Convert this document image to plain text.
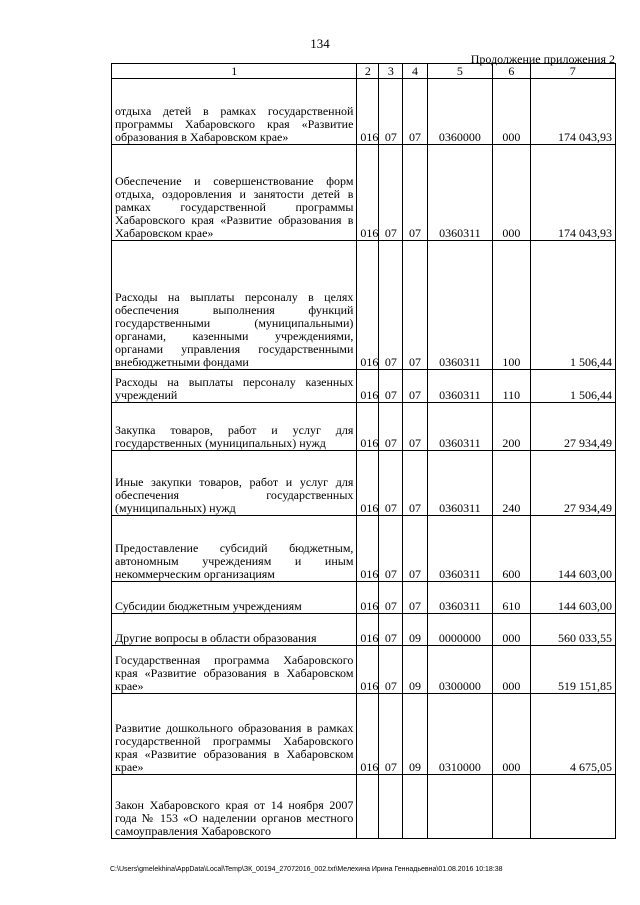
134
Продолжение приложения 2
1	2	3	4	5	6	7
отдыха детей в рамках государственной программы Хабаровского края «Развитие образования в Хабаровском крае»	016	07	07	0360000	000	174 043,93
Обеспечение и совершенствование форм отдыха, оздоровления и занятости детей в рамках государственной программы Хабаровского края «Развитие образования в Хабаровском крае»	016	07	07	0360311	000	174 043,93
Расходы на выплаты персоналу в целях обеспечения выполнения функций государственными (муниципальными) органами, казенными учреждениями, органами управления государственными внебюджетными фондами	016	07	07	0360311	100	1 506,44
Расходы на выплаты персоналу казенных учреждений	016	07	07	0360311	110	1 506,44
Закупка товаров, работ и услуг для государственных (муниципальных) нужд	016	07	07	0360311	200	27 934,49
Иные закупки товаров, работ и услуг для обеспечения государственных (муниципальных) нужд	016	07	07	0360311	240	27 934,49
Предоставление субсидий бюджетным, автономным учреждениям и иным некоммерческим организациям	016	07	07	0360311	600	144 603,00
Субсидии бюджетным учреждениям	016	07	07	0360311	610	144 603,00
Другие вопросы в области образования	016	07	09	0000000	000	560 033,55
Государственная программа Хабаровского края «Развитие образования в Хабаровском крае»	016	07	09	0300000	000	519 151,85
Развитие дошкольного образования в рамках государственной программы Хабаровского края «Развитие образования в Хабаровском крае»	016	07	09	0310000	000	4 675,05
Закон Хабаровского края от 14 ноября 2007 года № 153 «О наделении органов местного самоуправления Хабаровского						
C:\Users\gmelekhina\AppData\Local\Temp\ЗК_00194_27072016_002.txt\Мелехина Ирина Геннадьевна\01.08.2016 10:18:38
